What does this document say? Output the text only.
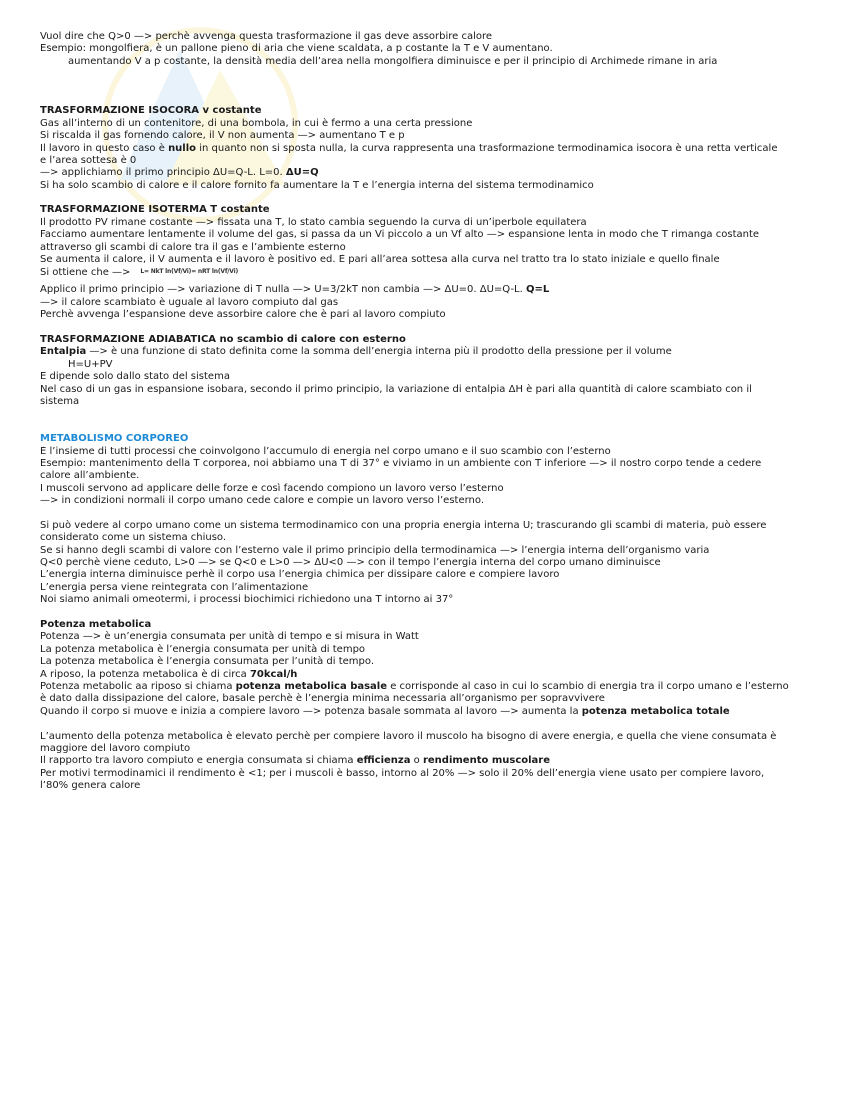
Vuol dire che Q>0 —> perchè avvenga questa trasformazione il gas deve assorbire calore
Esempio: mongolfiera, è un pallone pieno di aria che viene scaldata, a p costante la T e V aumentano.
aumentando V a p costante, la densità media dell’area nella mongolfiera diminuisce e per il principio di Archimede rimane in aria
TRASFORMAZIONE ISOCORA v costante
Gas all’interno di un contenitore, di una bombola, in cui è fermo a una certa pressione
Si riscalda il gas fornendo calore, il V non aumenta —> aumentano T e p
Il lavoro in questo caso è nullo in quanto non si sposta nulla, la curva rappresenta una trasformazione termodinamica isocora è una retta verticale
e l’area sottesa è 0
—> applichiamo il primo principio ΔU=Q-L. L=0. ΔU=Q
Si ha solo scambio di calore e il calore fornito fa aumentare la T e l’energia interna del sistema termodinamico
TRASFORMAZIONE ISOTERMA T costante
Il prodotto PV rimane costante —> fissata una T, lo stato cambia seguendo la curva di un’iperbole equilatera
Facciamo aumentare lentamente il volume del gas, si passa da un Vi piccolo a un Vf alto —> espansione lenta in modo che T rimanga costante
attraverso gli scambi di calore tra il gas e l’ambiente esterno
Se aumenta il calore, il V aumenta e il lavoro è positivo ed. È pari all’area sottesa alla curva nel tratto tra lo stato iniziale e quello finale
Si ottiene che —> L= NkT ln(Vf/Vi)= nRT ln(Vf/Vi)
Applico il primo principio —> variazione di T nulla —> U=3/2kT non cambia —> ΔU=0. ΔU=Q-L. Q=L
—> il calore scambiato è uguale al lavoro compiuto dal gas
Perchè avvenga l’espansione deve assorbire calore che è pari al lavoro compiuto
TRASFORMAZIONE ADIABATICA no scambio di calore con esterno
Entalpia —> è una funzione di stato definita come la somma dell’energia interna più il prodotto della pressione per il volume
H=U+PV
E dipende solo dallo stato del sistema
Nel caso di un gas in espansione isobara, secondo il primo principio, la variazione di entalpia ΔH è pari alla quantità di calore scambiato con il
sistema
METABOLISMO CORPOREO
È l’insieme di tutti processi che coinvolgono l’accumulo di energia nel corpo umano e il suo scambio con l’esterno
Esempio: mantenimento della T corporea, noi abbiamo una T di 37° e viviamo in un ambiente con T inferiore —> il nostro corpo tende a cedere
calore all’ambiente.
I muscoli servono ad applicare delle forze e così facendo compiono un lavoro verso l’esterno
—> in condizioni normali il corpo umano cede calore e compie un lavoro verso l’esterno.
Si può vedere al corpo umano come un sistema termodinamico con una propria energia interna U; trascurando gli scambi di materia, può essere
considerato come un sistema chiuso.
Se si hanno degli scambi di valore con l’esterno vale il primo principio della termodinamica —> l’energia interna dell’organismo varia
Q<0 perchè viene ceduto, L>0 —> se Q<0 e L>0 —> ΔU<0 —> con il tempo l’energia interna del corpo umano diminuisce
L’energia interna diminuisce perhè il corpo usa l’energia chimica per dissipare calore e compiere lavoro
L’energia persa viene reintegrata con l’alimentazione
Noi siamo animali omeotermi, i processi biochimici richiedono una T intorno ai 37°
Potenza metabolica
Potenza —> è un’energia consumata per unità di tempo e si misura in Watt
La potenza metabolica è l’energia consumata per unità di tempo
La potenza metabolica è l’energia consumata per l’unità di tempo.
A riposo, la potenza metabolica è di circa 70kcal/h
Potenza metabolic aa riposo si chiama potenza metabolica basale e corrisponde al caso in cui lo scambio di energia tra il corpo umano e l’esterno
è dato dalla dissipazione del calore, basale perchè è l’energia minima necessaria all’organismo per sopravvivere
Quando il corpo si muove e inizia a compiere lavoro —> potenza basale sommata al lavoro —> aumenta la potenza metabolica totale
L’aumento della potenza metabolica è elevato perchè per compiere lavoro il muscolo ha bisogno di avere energia, e quella che viene consumata è
maggiore del lavoro compiuto
Il rapporto tra lavoro compiuto e energia consumata si chiama efficienza o rendimento muscolare
Per motivi termodinamici il rendimento è <1; per i muscoli è basso, intorno al 20% —> solo il 20% dell’energia viene usato per compiere lavoro,
l’80% genera calore
